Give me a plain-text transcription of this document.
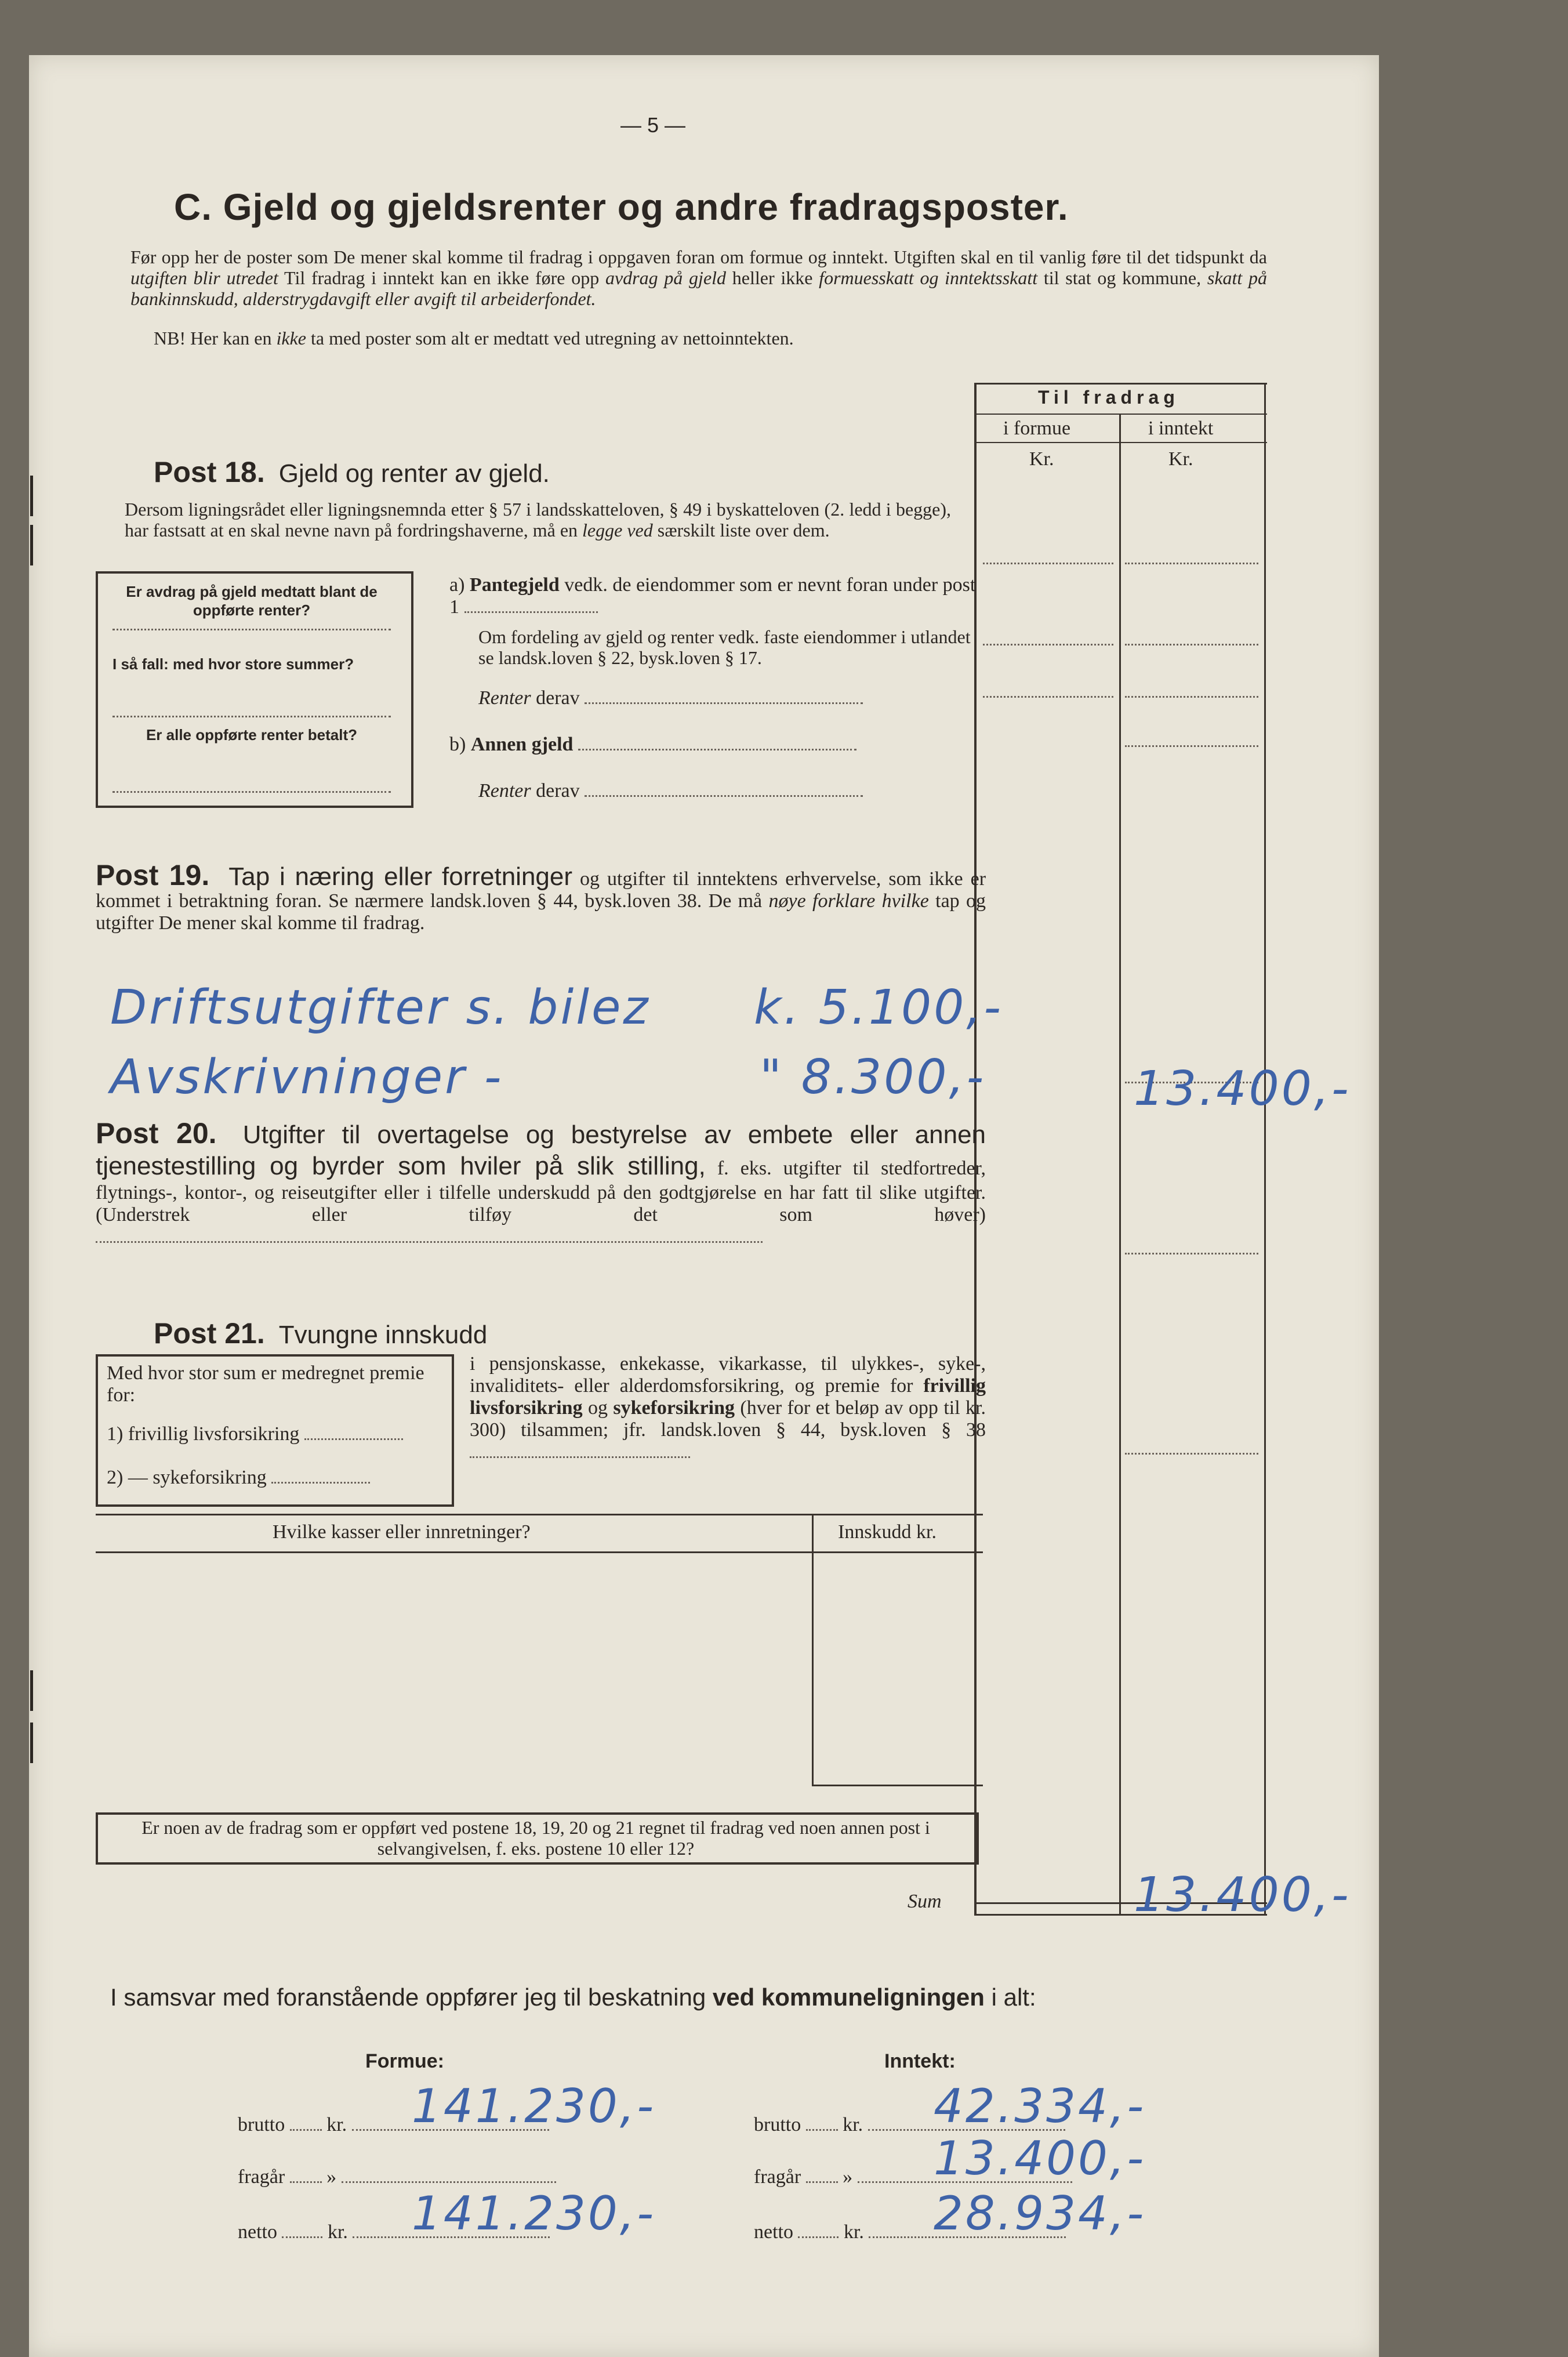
— 5 —
C. Gjeld og gjeldsrenter og andre fradragsposter.
Før opp her de poster som De mener skal komme til fradrag i oppgaven foran om formue og inntekt. Utgiften skal en til vanlig føre til det tidspunkt da utgiften blir utredet Til fradrag i inntekt kan en ikke føre opp avdrag på gjeld heller ikke formuesskatt og inntektsskatt til stat og kommune, skatt på bankinnskudd, alderstrygdavgift eller avgift til arbeiderfondet.
NB! Her kan en ikke ta med poster som alt er medtatt ved utregning av nettoinntekten.
Til fradrag
i formue	i inntekt
Kr.	Kr.
Post 18. Gjeld og renter av gjeld.
Dersom ligningsrådet eller ligningsnemnda etter § 57 i landsskatteloven, § 49 i byskatteloven (2. ledd i begge), har fastsatt at en skal nevne navn på fordringshaverne, må en legge ved særskilt liste over dem.
Er avdrag på gjeld medtatt blant de oppførte renter?
I så fall: med hvor store summer?
Er alle oppførte renter betalt?
a) Pantegjeld vedk. de eiendommer som er nevnt foran under post 1
Om fordeling av gjeld og renter vedk. faste eiendommer i utlandet se landsk.loven § 22, bysk.loven § 17.
Renter derav
b) Annen gjeld
Renter derav
Post 19. Tap i næring eller forretninger og utgifter til inntektens erhvervelse, som ikke er kommet i betraktning foran. Se nærmere landsk.loven § 44, bysk.loven 38. De må nøye forklare hvilke tap og utgifter De mener skal komme til fradrag.
Driftsutgifter s. bilez k. 5.100,-
Avskrivninger -	" 8.300,-	13.400,-
Post 20. Utgifter til overtagelse og bestyrelse av embete eller annen tjenestestilling og byrder som hviler på slik stilling, f. eks. utgifter til stedfortreder, flytnings-, kontor-, og reiseutgifter eller i tilfelle underskudd på den godtgjørelse en har fatt til slike utgifter. (Understrek eller tilføy det som høver)
Post 21. Tvungne innskudd
Med hvor stor sum er medregnet premie for:
1) frivillig livsforsikring
2) — sykeforsikring
i pensjonskasse, enkekasse, vikarkasse, til ulykkes-, syke-, invaliditets- eller alderdomsforsikring, og premie for frivillig livsforsikring og sykeforsikring (hver for et beløp av opp til kr. 300) tilsammen; jfr. landsk.loven § 44, bysk.loven § 38
Hvilke kasser eller innretninger?	Innskudd kr.
Er noen av de fradrag som er oppført ved postene 18, 19, 20 og 21 regnet til fradrag ved noen annen post i selvangivelsen, f. eks. postene 10 eller 12?
Sum	13.400,-
I samsvar med foranstående oppfører jeg til beskatning ved kommuneligningen i alt:
Formue:	Inntekt:
brutto kr.	141.230,-
fragår »
netto	kr.	141.230,-
brutto kr.	42.334,-
fragår »	13.400,-
netto	kr.	28.934,-
